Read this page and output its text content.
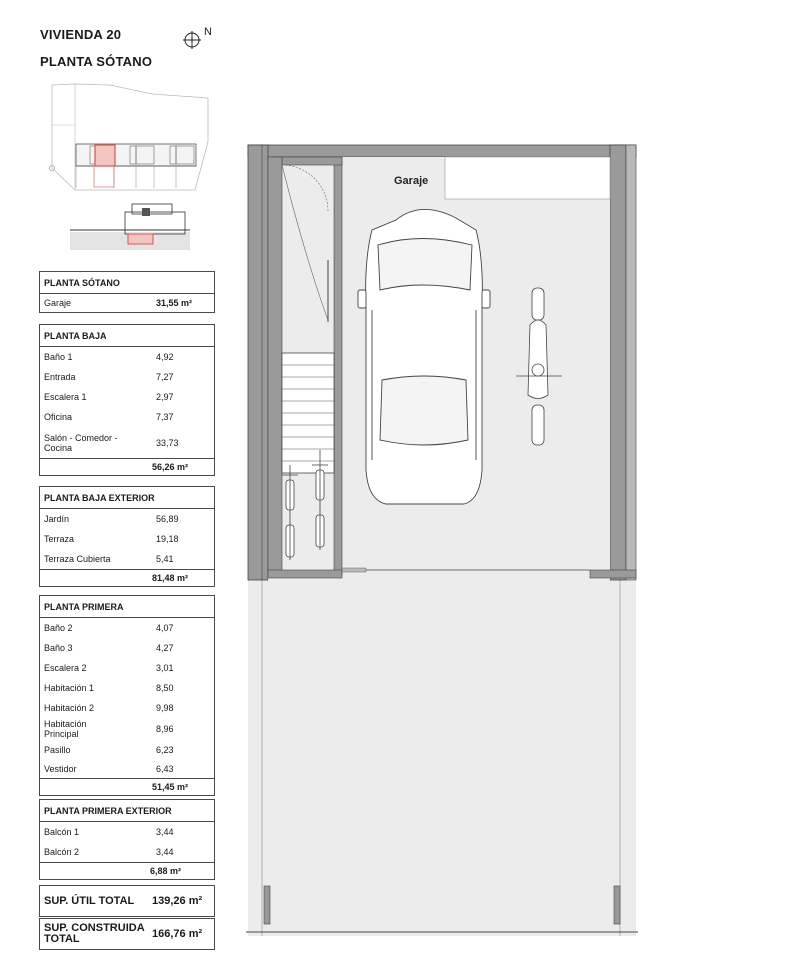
VIVIENDA 20
PLANTA SÓTANO
N
PLANTA SÓTANO
Garaje	31,55 m²
PLANTA BAJA
Baño 1	4,92
Entrada	7,27
Escalera 1	2,97
Oficina	7,37
Salón - Comedor - Cocina	33,73
56,26 m²
PLANTA BAJA EXTERIOR
Jardín	56,89
Terraza	19,18
Terraza Cubierta	5,41
81,48 m²
PLANTA PRIMERA
Baño 2	4,07
Baño 3	4,27
Escalera 2	3,01
Habitación 1	8,50
Habitación 2	9,98
Habitación Principal	8,96
Pasillo	6,23
Vestidor	6,43
51,45 m²
PLANTA PRIMERA EXTERIOR
Balcón 1	3,44
Balcón 2	3,44
6,88 m²
SUP. ÚTIL TOTAL	139,26 m²
SUP. CONSTRUIDA TOTAL	166,76 m²
Garaje
